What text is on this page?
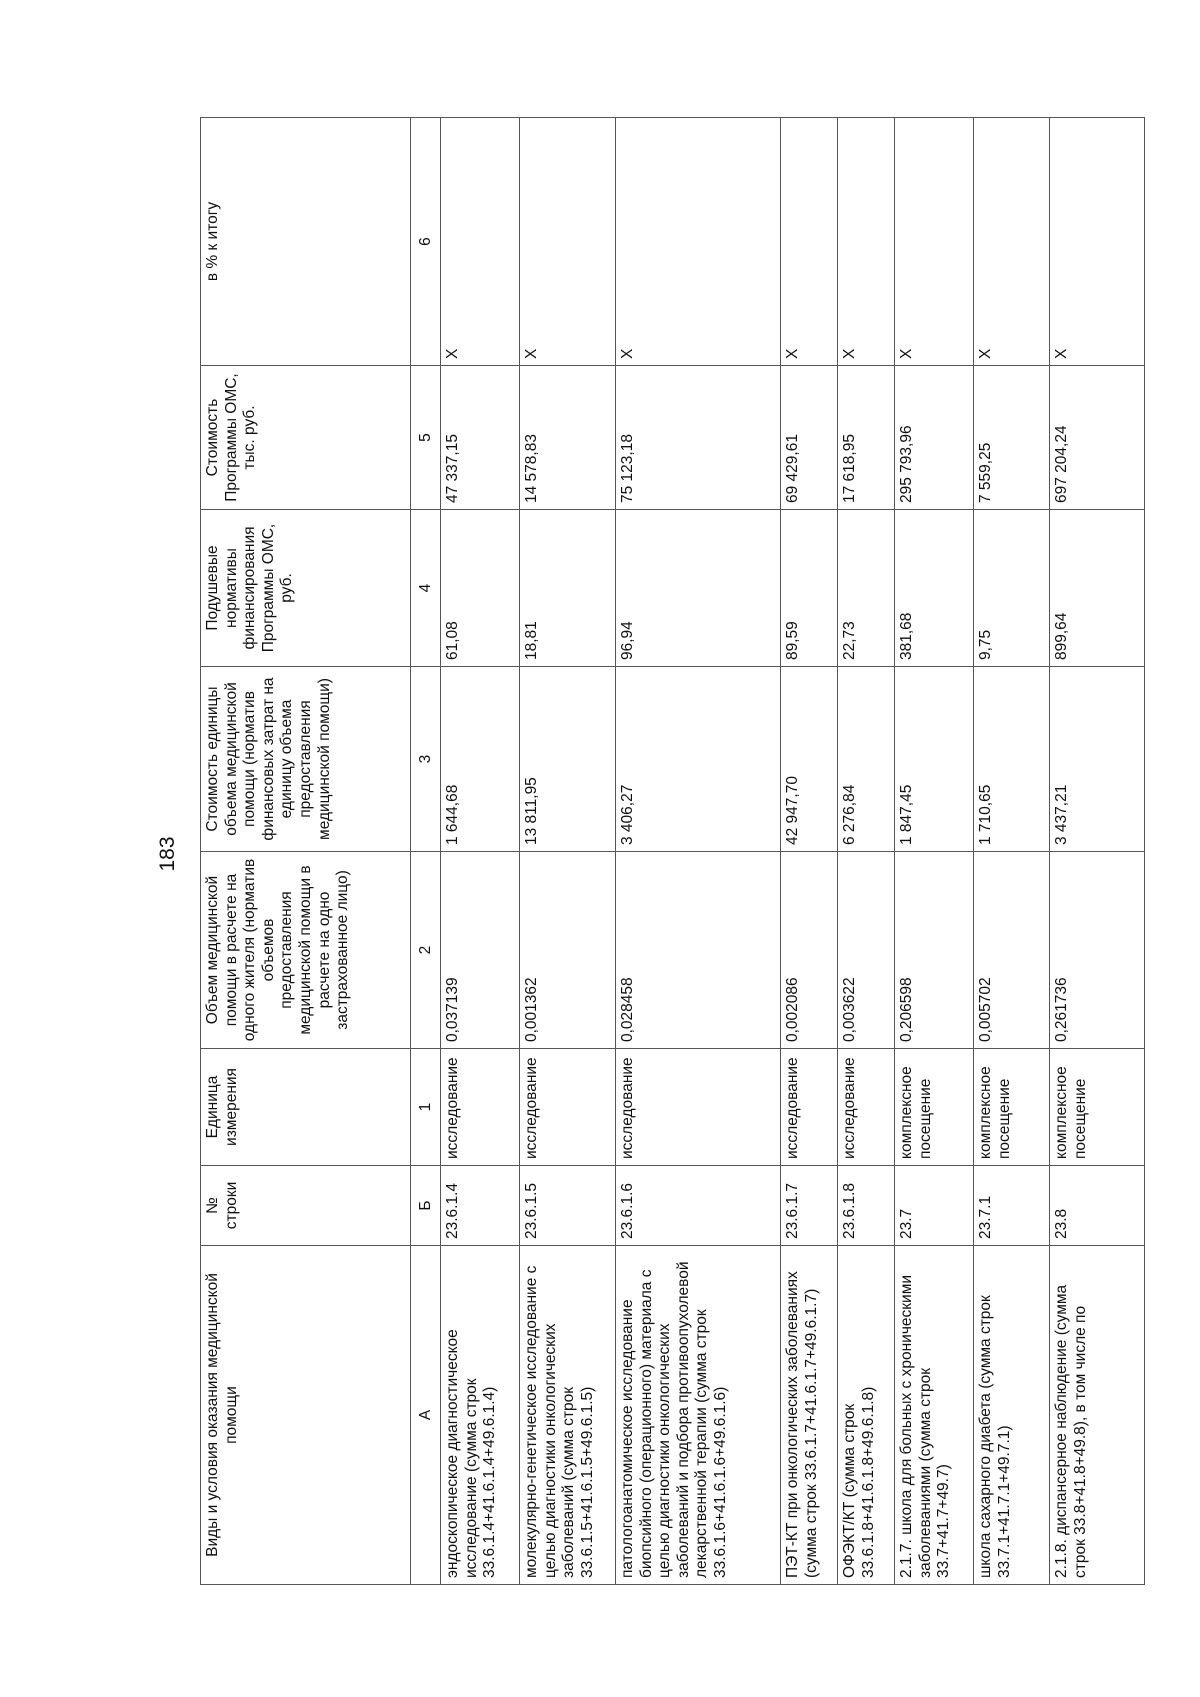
183
Виды и условия оказания медицинской помощи	№ строки	Единица измерения	Объем медицинской помощи в расчете на одного жителя (норматив объемов предоставления медицинской помощи в расчете на одно застрахованное лицо)	Стоимость единицы объема медицинской помощи (норматив финансовых затрат на единицу объема предоставления медицинской помощи)	Подушевые нормативы финансирования Программы ОМС, руб.	Стоимость Программы ОМС, тыс. руб.	в % к итогу
А	Б	1	2	3	4	5	6
эндоскопическое диагностическое исследование (сумма строк 33.6.1.4+41.6.1.4+49.6.1.4)	23.6.1.4	исследование	0,037139	1 644,68	61,08	47 337,15	Х
молекулярно-генетическое исследование с целью диагностики онкологических заболеваний (сумма строк 33.6.1.5+41.6.1.5+49.6.1.5)	23.6.1.5	исследование	0,001362	13 811,95	18,81	14 578,83	Х
патологоанатомическое исследование биопсийного (операционного) материала с целью диагностики онкологических заболеваний и подбора противоопухолевой лекарственной терапии (сумма строк 33.6.1.6+41.6.1.6+49.6.1.6)	23.6.1.6	исследование	0,028458	3 406,27	96,94	75 123,18	Х
ПЭТ-КТ при онкологических заболеваниях (сумма строк 33.6.1.7+41.6.1.7+49.6.1.7)	23.6.1.7	исследование	0,002086	42 947,70	89,59	69 429,61	Х
ОФЭКТ/КТ (сумма строк 33.6.1.8+41.6.1.8+49.6.1.8)	23.6.1.8	исследование	0,003622	6 276,84	22,73	17 618,95	Х
2.1.7. школа для больных с хроническими заболеваниями (сумма строк 33.7+41.7+49.7)	23.7	комплексное посещение	0,206598	1 847,45	381,68	295 793,96	Х
школа сахарного диабета (сумма строк 33.7.1+41.7.1+49.7.1)	23.7.1	комплексное посещение	0,005702	1 710,65	9,75	7 559,25	Х
2.1.8. диспансерное наблюдение (сумма строк 33.8+41.8+49.8), в том числе по	23.8	комплексное посещение	0,261736	3 437,21	899,64	697 204,24	Х
